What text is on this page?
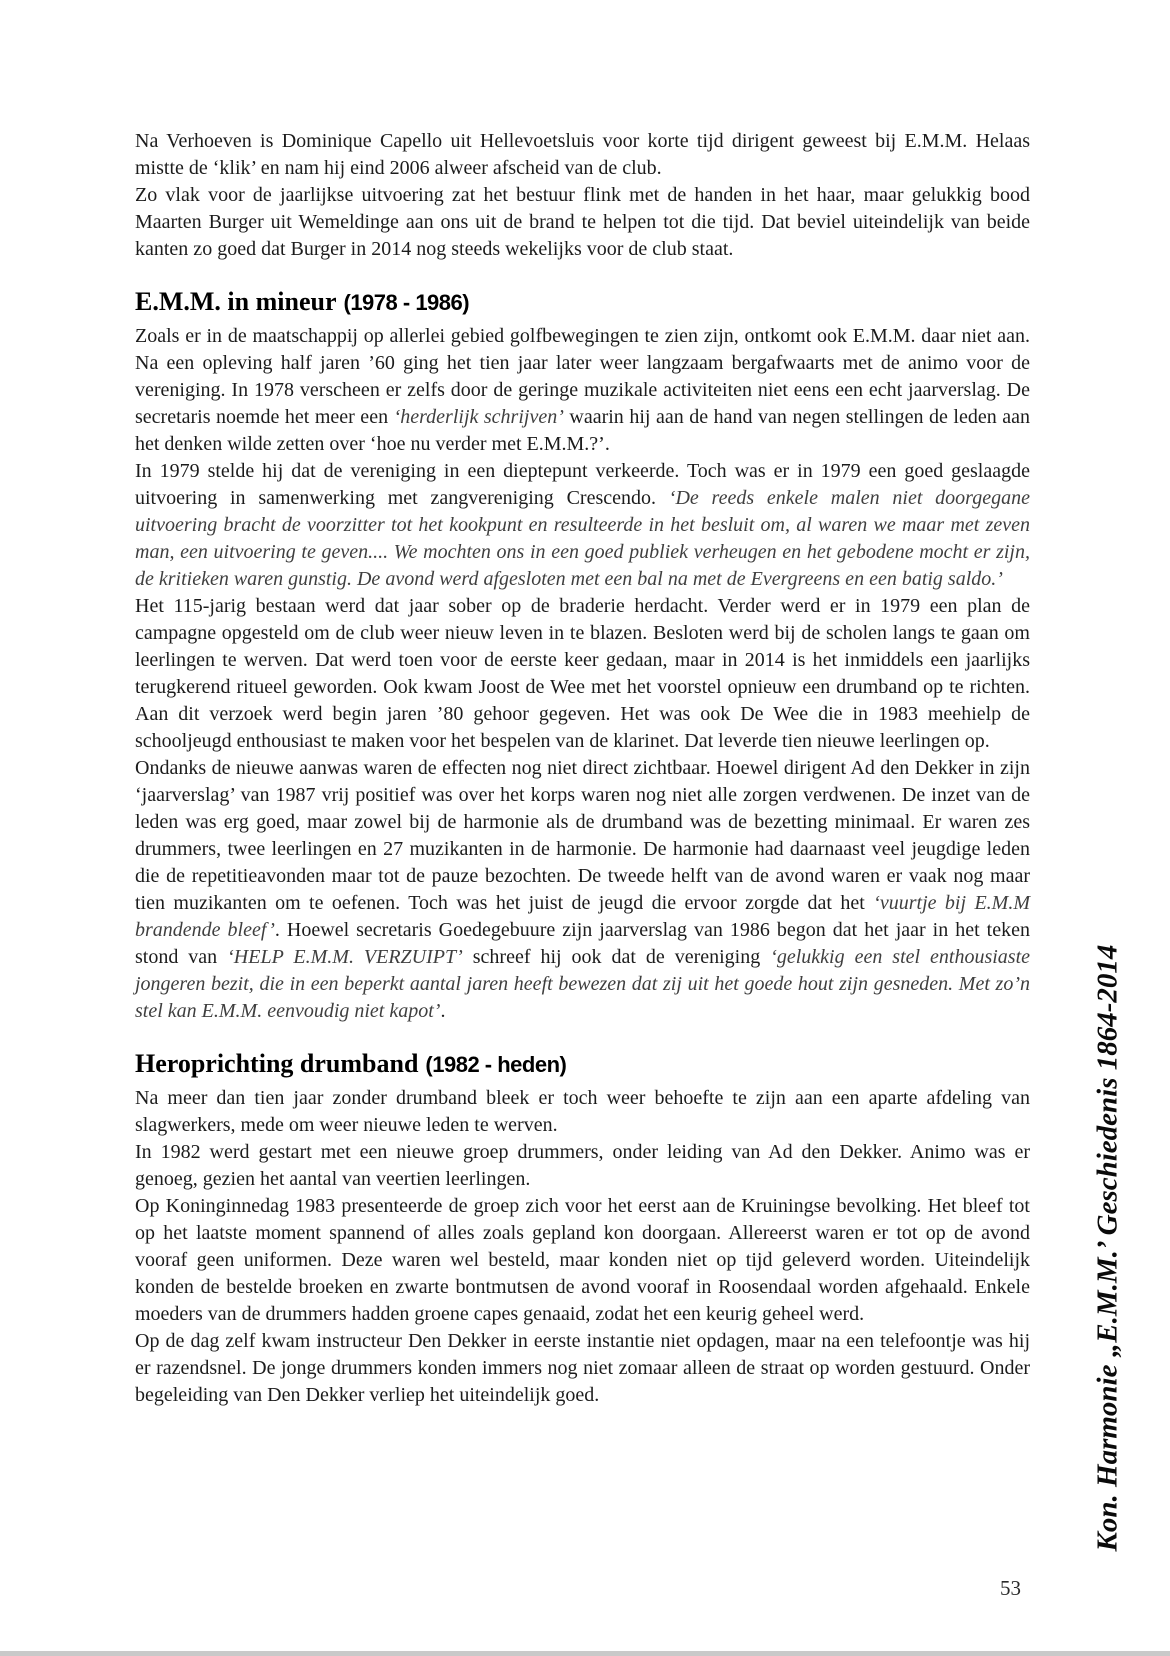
Na Verhoeven is Dominique Capello uit Hellevoetsluis voor korte tijd dirigent geweest bij E.M.M. Helaas mistte de ‘klik’ en nam hij eind 2006 alweer afscheid van de club.

Zo vlak voor de jaarlijkse uitvoering zat het bestuur flink met de handen in het haar, maar gelukkig bood Maarten Burger uit Wemeldinge aan ons uit de brand te helpen tot die tijd. Dat beviel uiteindelijk van beide kanten zo goed dat Burger in 2014 nog steeds wekelijks voor de club staat.

E.M.M. in mineur (1978 - 1986)

Zoals er in de maatschappij op allerlei gebied golfbewegingen te zien zijn, ontkomt ook E.M.M. daar niet aan. Na een opleving half jaren ’60 ging het tien jaar later weer langzaam bergafwaarts met de animo voor de vereniging. In 1978 verscheen er zelfs door de geringe muzikale activiteiten niet eens een echt jaarverslag. De secretaris noemde het meer een ‘herderlijk schrijven’ waarin hij aan de hand van negen stellingen de leden aan het denken wilde zetten over ‘hoe nu verder met E.M.M.?’.

In 1979 stelde hij dat de vereniging in een dieptepunt verkeerde. Toch was er in 1979 een goed geslaagde uitvoering in samenwerking met zangvereniging Crescendo. ‘De reeds enkele malen niet doorgegane uitvoering bracht de voorzitter tot het kookpunt en resulteerde in het besluit om, al waren we maar met zeven man, een uitvoering te geven.... We mochten ons in een goed publiek verheugen en het gebodene mocht er zijn, de kritieken waren gunstig. De avond werd afgesloten met een bal na met de Evergreens en een batig saldo.’

Het 115-jarig bestaan werd dat jaar sober op de braderie herdacht. Verder werd er in 1979 een plan de campagne opgesteld om de club weer nieuw leven in te blazen. Besloten werd bij de scholen langs te gaan om leerlingen te werven. Dat werd toen voor de eerste keer gedaan, maar in 2014 is het inmiddels een jaarlijks terugkerend ritueel geworden. Ook kwam Joost de Wee met het voorstel opnieuw een drumband op te richten. Aan dit verzoek werd begin jaren ’80 gehoor gegeven. Het was ook De Wee die in 1983 meehielp de schooljeugd enthousiast te maken voor het bespelen van de klarinet. Dat leverde tien nieuwe leerlingen op.

Ondanks de nieuwe aanwas waren de effecten nog niet direct zichtbaar. Hoewel dirigent Ad den Dekker in zijn ‘jaarverslag’ van 1987 vrij positief was over het korps waren nog niet alle zorgen verdwenen. De inzet van de leden was erg goed, maar zowel bij de harmonie als de drumband was de bezetting minimaal. Er waren zes drummers, twee leerlingen en 27 muzikanten in de harmonie. De harmonie had daarnaast veel jeugdige leden die de repetitieavonden maar tot de pauze bezochten. De tweede helft van de avond waren er vaak nog maar tien muzikanten om te oefenen. Toch was het juist de jeugd die ervoor zorgde dat het ‘vuurtje bij E.M.M brandende bleef’. Hoewel secretaris Goedegebuure zijn jaarverslag van 1986 begon dat het jaar in het teken stond van ‘HELP E.M.M. VERZUIPT’ schreef hij ook dat de vereniging ‘gelukkig een stel enthousiaste jongeren bezit, die in een beperkt aantal jaren heeft bewezen dat zij uit het goede hout zijn gesneden. Met zo’n stel kan E.M.M. eenvoudig niet kapot’.

Heroprichting drumband (1982 - heden)

Na meer dan tien jaar zonder drumband bleek er toch weer behoefte te zijn aan een aparte afdeling van slagwerkers, mede om weer nieuwe leden te werven.

In 1982 werd gestart met een nieuwe groep drummers, onder leiding van Ad den Dekker. Animo was er genoeg, gezien het aantal van veertien leerlingen.

Op Koninginnedag 1983 presenteerde de groep zich voor het eerst aan de Kruiningse bevolking. Het bleef tot op het laatste moment spannend of alles zoals gepland kon doorgaan. Allereerst waren er tot op de avond vooraf geen uniformen. Deze waren wel besteld, maar konden niet op tijd geleverd worden. Uiteindelijk konden de bestelde broeken en zwarte bontmutsen de avond vooraf in Roosendaal worden afgehaald. Enkele moeders van de drummers hadden groene capes genaaid, zodat het een keurig geheel werd.

Op de dag zelf kwam instructeur Den Dekker in eerste instantie niet opdagen, maar na een telefoontje was hij er razendsnel. De jonge drummers konden immers nog niet zomaar alleen de straat op worden gestuurd. Onder begeleiding van Den Dekker verliep het uiteindelijk goed.	Kon. Harmonie „E.M.M.’ Geschiedenis 1864-2014
53
